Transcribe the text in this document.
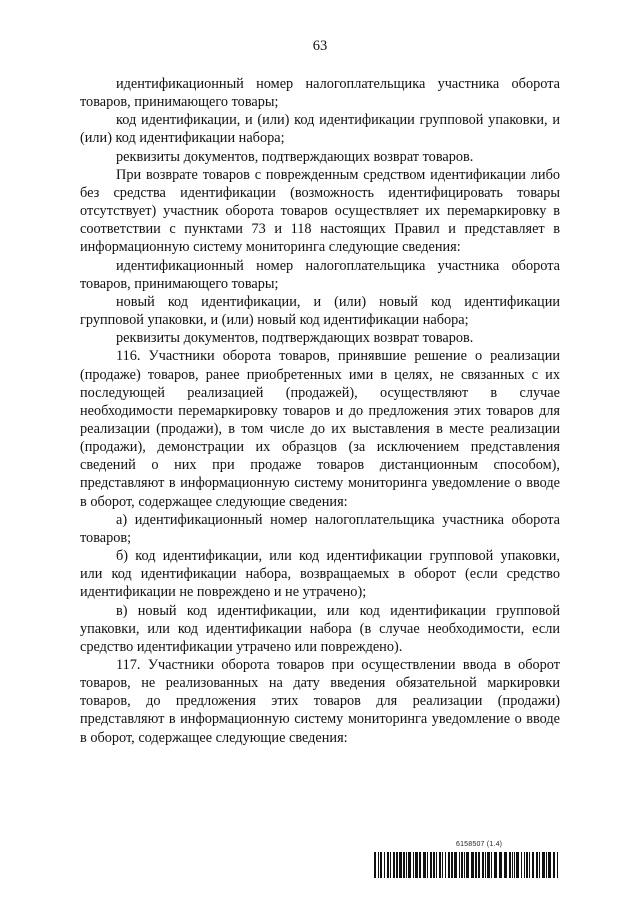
63

идентификационный номер налогоплательщика участника оборота товаров, принимающего товары;

код идентификации, и (или) код идентификации групповой упаковки, и (или) код идентификации набора;

реквизиты документов, подтверждающих возврат товаров.

При возврате товаров с поврежденным средством идентификации либо без средства идентификации (возможность идентифицировать товары отсутствует) участник оборота товаров осуществляет их перемаркировку в соответствии с пунктами 73 и 118 настоящих Правил и представляет в информационную систему мониторинга следующие сведения:

идентификационный номер налогоплательщика участника оборота товаров, принимающего товары;

новый код идентификации, и (или) новый код идентификации групповой упаковки, и (или) новый код идентификации набора;

реквизиты документов, подтверждающих возврат товаров.

116. Участники оборота товаров, принявшие решение о реализации (продаже) товаров, ранее приобретенных ими в целях, не связанных с их последующей реализацией (продажей), осуществляют в случае необходимости перемаркировку товаров и до предложения этих товаров для реализации (продажи), в том числе до их выставления в месте реализации (продажи), демонстрации их образцов (за исключением представления сведений о них при продаже товаров дистанционным способом), представляют в информационную систему мониторинга уведомление о вводе в оборот, содержащее следующие сведения:

а) идентификационный номер налогоплательщика участника оборота товаров;

б) код идентификации, или код идентификации групповой упаковки, или код идентификации набора, возвращаемых в оборот (если средство идентификации не повреждено и не утрачено);

в) новый код идентификации, или код идентификации групповой упаковки, или код идентификации набора (в случае необходимости, если средство идентификации утрачено или повреждено).

117. Участники оборота товаров при осуществлении ввода в оборот товаров, не реализованных на дату введения обязательной маркировки товаров, до предложения этих товаров для реализации (продажи) представляют в информационную систему мониторинга уведомление о вводе в оборот, содержащее следующие сведения:

6158507 (1.4)
